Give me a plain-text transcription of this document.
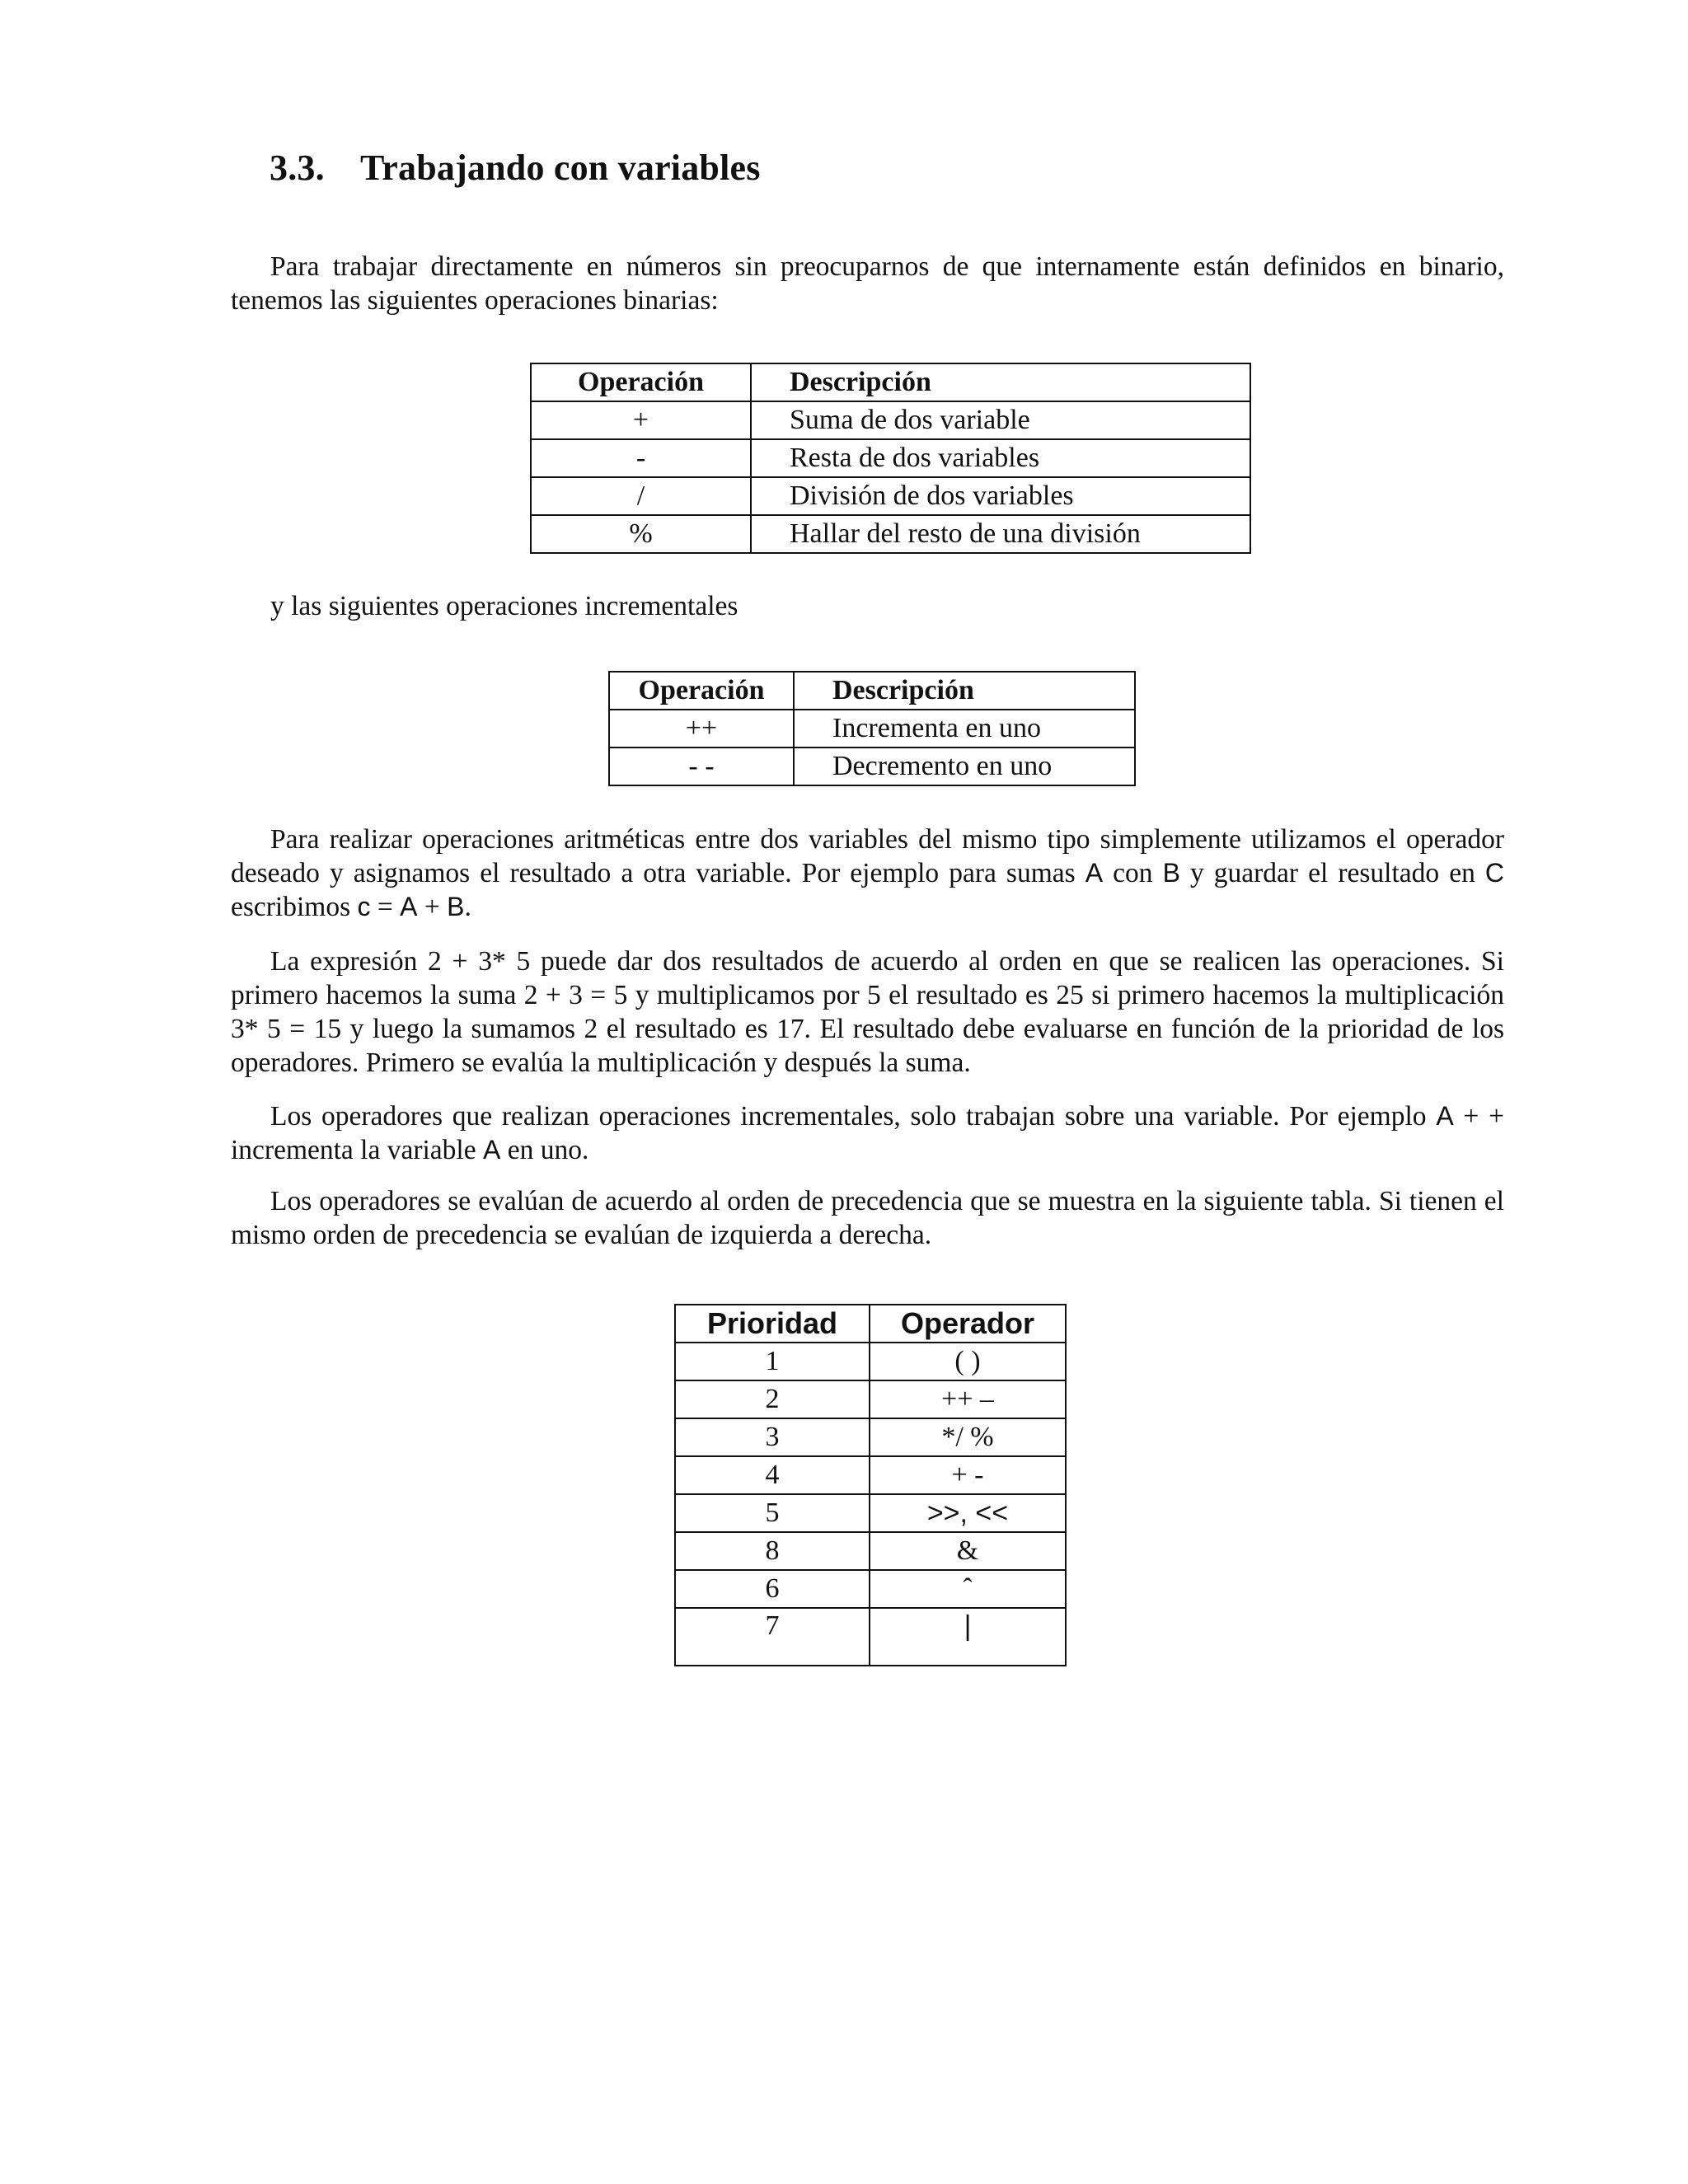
3.3. Trabajando con variables

Para trabajar directamente en números sin preocuparnos de que internamente están definidos en binario, tenemos las siguientes operaciones binarias:

Operación	Descripción
+	Suma de dos variable
-	Resta de dos variables
/	División de dos variables
%	Hallar del resto de una división

y las siguientes operaciones incrementales

Operación	Descripción
++	Incrementa en uno
- -	Decremento en uno

Para realizar operaciones aritméticas entre dos variables del mismo tipo simplemente utilizamos el operador deseado y asignamos el resultado a otra variable. Por ejemplo para sumas A con B y guardar el resultado en C escribimos c = A + B.

La expresión 2 + 3* 5 puede dar dos resultados de acuerdo al orden en que se realicen las operaciones. Si primero hacemos la suma 2 + 3 = 5 y multiplicamos por 5 el resultado es 25 si primero hacemos la multiplicación 3* 5 = 15 y luego la sumamos 2 el resultado es 17. El resultado debe evaluarse en función de la prioridad de los operadores. Primero se evalúa la multiplicación y después la suma.

Los operadores que realizan operaciones incrementales, solo trabajan sobre una variable. Por ejemplo A + + incrementa la variable A en uno.

Los operadores se evalúan de acuerdo al orden de precedencia que se muestra en la siguiente tabla. Si tienen el mismo orden de precedencia se evalúan de izquierda a derecha.

Prioridad	Operador
1	( )
2	++ –
3	*/ %
4	+ -
5	>>, <<
8	&
6	ˆ
7	|
